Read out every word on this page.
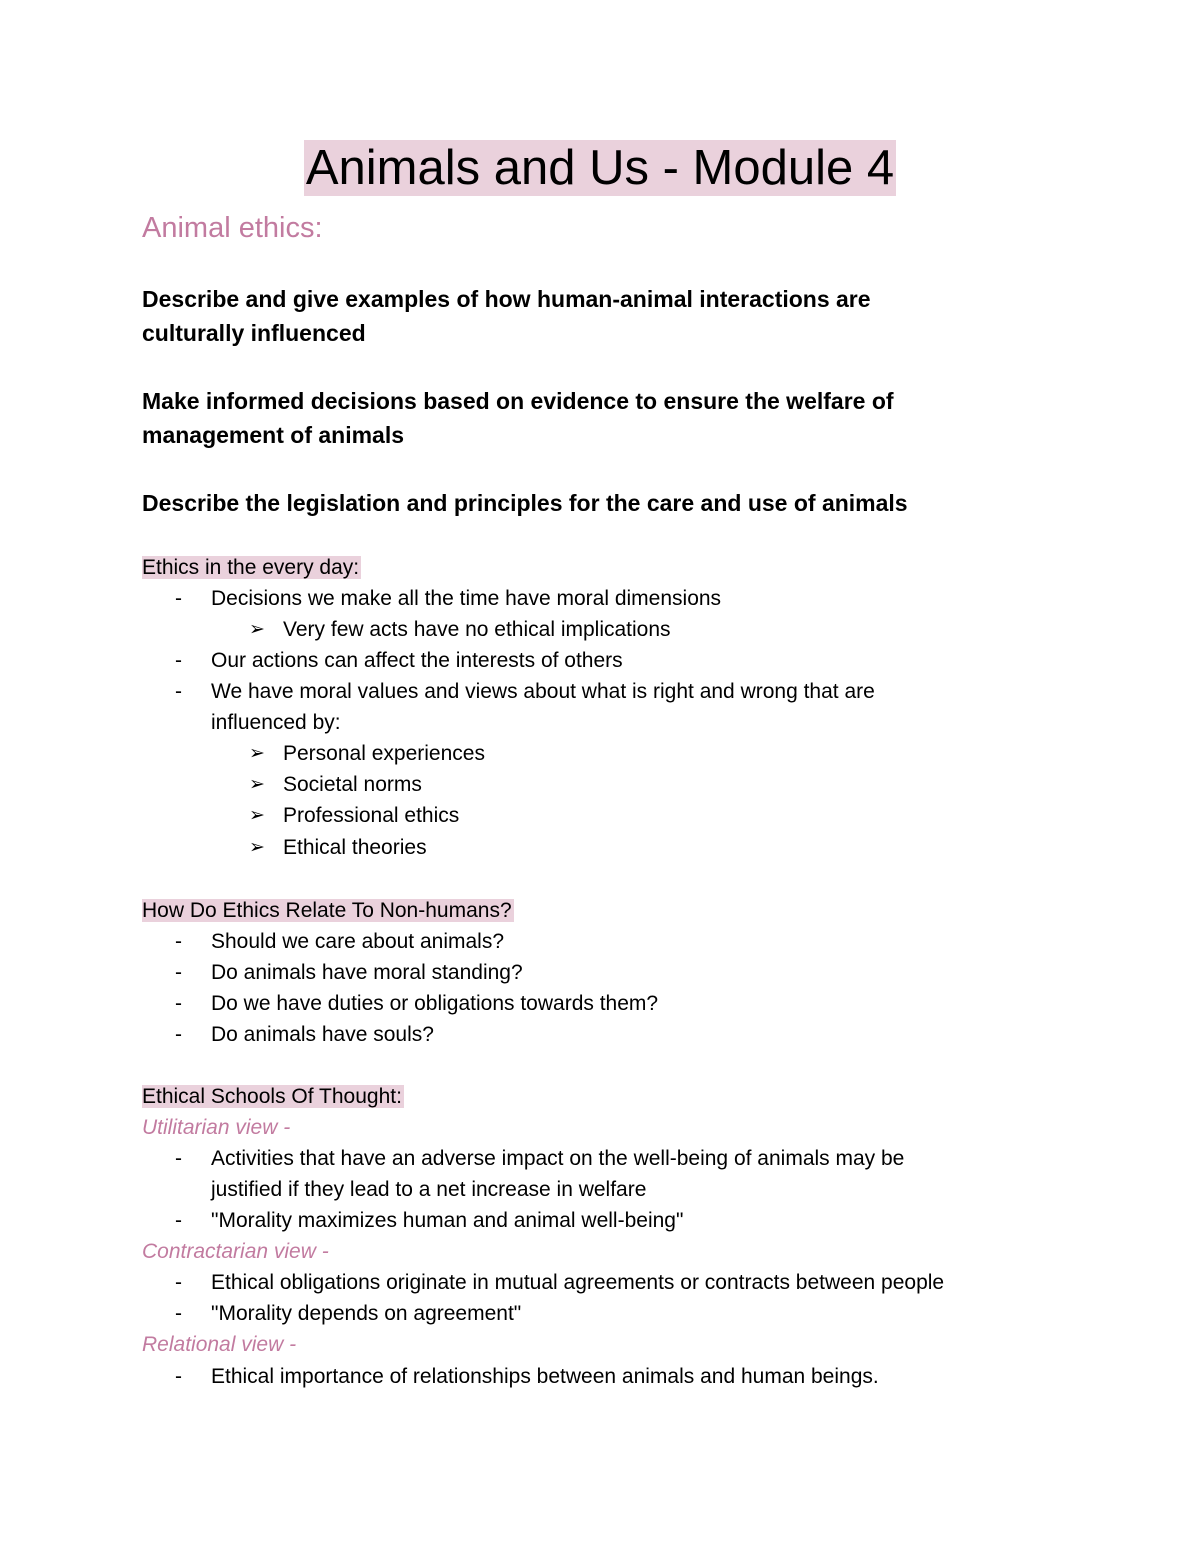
Animals and Us - Module 4
Animal ethics:
Describe and give examples of how human-animal interactions are
culturally influenced
Make informed decisions based on evidence to ensure the welfare of
management of animals
Describe the legislation and principles for the care and use of animals
Ethics in the every day:
- Decisions we make all the time have moral dimensions
➢ Very few acts have no ethical implications
- Our actions can affect the interests of others
- We have moral values and views about what is right and wrong that are
influenced by:
➢ Personal experiences
➢ Societal norms
➢ Professional ethics
➢ Ethical theories
How Do Ethics Relate To Non-humans?
- Should we care about animals?
- Do animals have moral standing?
- Do we have duties or obligations towards them?
- Do animals have souls?
Ethical Schools Of Thought:
Utilitarian view -
- Activities that have an adverse impact on the well-being of animals may be
justified if they lead to a net increase in welfare
- "Morality maximizes human and animal well-being"
Contractarian view -
- Ethical obligations originate in mutual agreements or contracts between people
- "Morality depends on agreement"
Relational view -
- Ethical importance of relationships between animals and human beings.
